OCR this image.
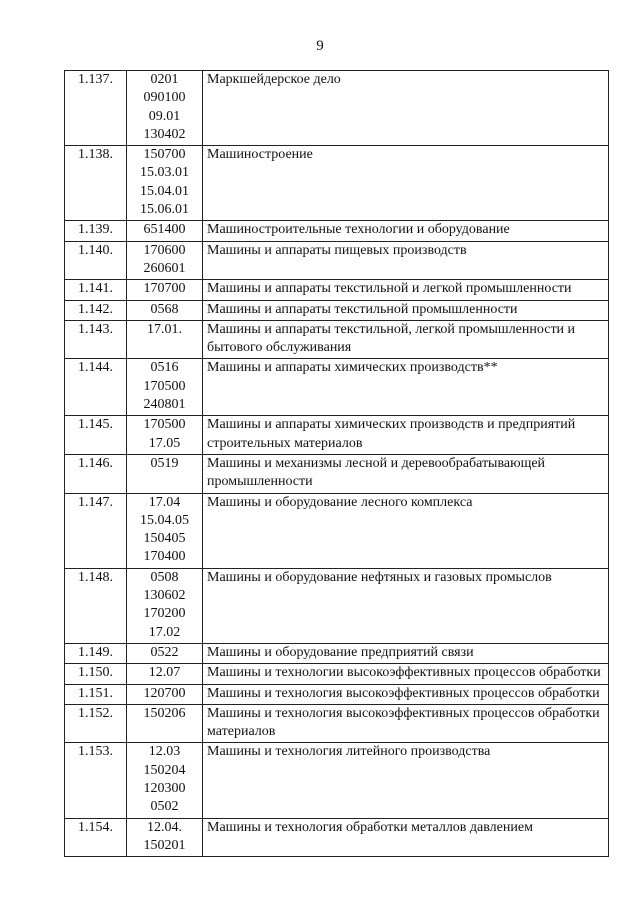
9
1.137.	0201
090100
09.01
130402	Маркшейдерское дело
1.138.	150700
15.03.01
15.04.01
15.06.01	Машиностроение
1.139.	651400	Машиностроительные технологии и оборудование
1.140.	170600
260601	Машины и аппараты пищевых производств
1.141.	170700	Машины и аппараты текстильной и легкой промышленности
1.142.	0568	Машины и аппараты текстильной промышленности
1.143.	17.01.	Машины и аппараты текстильной, легкой промышленности и бытового обслуживания
1.144.	0516
170500
240801	Машины и аппараты химических производств**
1.145.	170500
17.05	Машины и аппараты химических производств и предприятий строительных материалов
1.146.	0519	Машины и механизмы лесной и деревообрабатывающей промышленности
1.147.	17.04
15.04.05
150405
170400	Машины и оборудование лесного комплекса
1.148.	0508
130602
170200
17.02	Машины и оборудование нефтяных и газовых промыслов
1.149.	0522	Машины и оборудование предприятий связи
1.150.	12.07	Машины и технологии высокоэффективных процессов обработки
1.151.	120700	Машины и технология высокоэффективных процессов обработки
1.152.	150206	Машины и технология высокоэффективных процессов обработки материалов
1.153.	12.03
150204
120300
0502	Машины и технология литейного производства
1.154.	12.04.
150201	Машины и технология обработки металлов давлением
